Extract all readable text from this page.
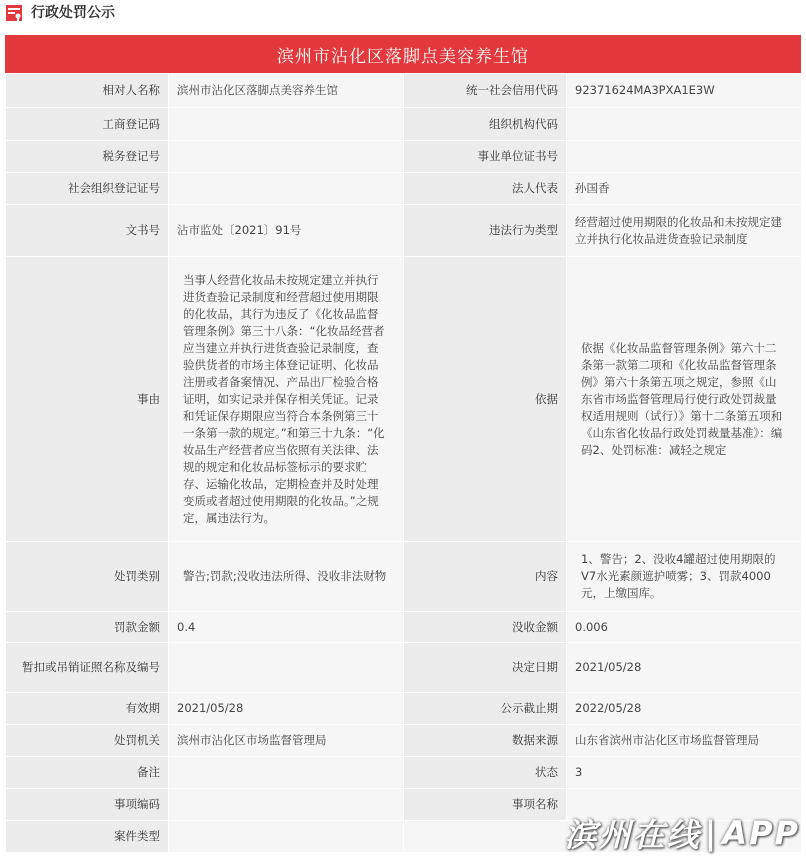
行政处罚公示
滨州市沾化区落脚点美容养生馆
相对人名称	滨州市沾化区落脚点美容养生馆	统一社会信用代码	92371624MA3PXA1E3W
工商登记码		组织机构代码	
税务登记号		事业单位证书号	
社会组织登记证号		法人代表	孙国香
文书号	沾市监处〔2021〕91号	违法行为类型	经营超过使用期限的化妆品和未按规定建立并执行化妆品进货查验记录制度
事由	当事人经营化妆品未按规定建立并执行进货查验记录制度和经营超过使用期限的化妆品，其行为违反了《化妆品监督管理条例》第三十八条：“化妆品经营者应当建立并执行进货查验记录制度，查验供货者的市场主体登记证明、化妆品注册或者备案情况、产品出厂检验合格证明，如实记录并保存相关凭证。记录和凭证保存期限应当符合本条例第三十一条第一款的规定。”和第三十九条：“化妆品生产经营者应当依照有关法律、法规的规定和化妆品标签标示的要求贮存、运输化妆品，定期检查并及时处理变质或者超过使用期限的化妆品。”之规定，属违法行为。	依据	依据《化妆品监督管理条例》第六十二条第一款第二项和《化妆品监督管理条例》第六十条第五项之规定，参照《山东省市场监督管理局行使行政处罚裁量权适用规则（试行）》第十二条第五项和《山东省化妆品行政处罚裁量基准》：编码2、处罚标准：减轻之规定
处罚类别	警告;罚款;没收违法所得、没收非法财物	内容	1、警告；2、没收4罐超过使用期限的V7水光素颜遮护喷雾；3、罚款4000元，上缴国库。
罚款金额	0.4	没收金额	0.006
暂扣或吊销证照名称及编号		决定日期	2021/05/28
有效期	2021/05/28	公示截止期	2022/05/28
处罚机关	滨州市沾化区市场监督管理局	数据来源	山东省滨州市沾化区市场监督管理局
备注		状态	3
事项编码		事项名称	
案件类型				滨州在线 | APP
